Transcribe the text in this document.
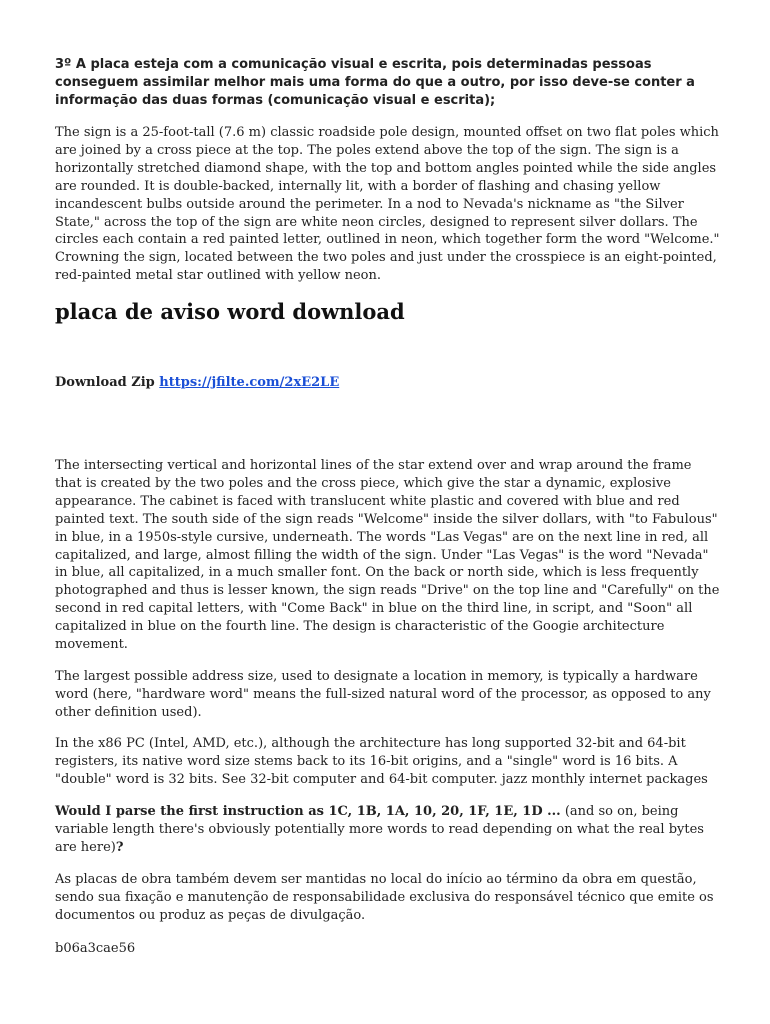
3º A placa esteja com a comunicação visual e escrita, pois determinadas pessoas conseguem assimilar melhor mais uma forma do que a outro, por isso deve-se conter a informação das duas formas (comunicação visual e escrita);

The sign is a 25-foot-tall (7.6 m) classic roadside pole design, mounted offset on two flat poles which are joined by a cross piece at the top. The poles extend above the top of the sign. The sign is a horizontally stretched diamond shape, with the top and bottom angles pointed while the side angles are rounded. It is double-backed, internally lit, with a border of flashing and chasing yellow incandescent bulbs outside around the perimeter. In a nod to Nevada's nickname as "the Silver State," across the top of the sign are white neon circles, designed to represent silver dollars. The circles each contain a red painted letter, outlined in neon, which together form the word "Welcome." Crowning the sign, located between the two poles and just under the crosspiece is an eight-pointed, red-painted metal star outlined with yellow neon.

placa de aviso word download

Download Zip https://jfilte.com/2xE2LE

The intersecting vertical and horizontal lines of the star extend over and wrap around the frame that is created by the two poles and the cross piece, which give the star a dynamic, explosive appearance. The cabinet is faced with translucent white plastic and covered with blue and red painted text. The south side of the sign reads "Welcome" inside the silver dollars, with "to Fabulous" in blue, in a 1950s-style cursive, underneath. The words "Las Vegas" are on the next line in red, all capitalized, and large, almost filling the width of the sign. Under "Las Vegas" is the word "Nevada" in blue, all capitalized, in a much smaller font. On the back or north side, which is less frequently photographed and thus is lesser known, the sign reads "Drive" on the top line and "Carefully" on the second in red capital letters, with "Come Back" in blue on the third line, in script, and "Soon" all capitalized in blue on the fourth line. The design is characteristic of the Googie architecture movement.

The largest possible address size, used to designate a location in memory, is typically a hardware word (here, "hardware word" means the full-sized natural word of the processor, as opposed to any other definition used).

In the x86 PC (Intel, AMD, etc.), although the architecture has long supported 32-bit and 64-bit registers, its native word size stems back to its 16-bit origins, and a "single" word is 16 bits. A "double" word is 32 bits. See 32-bit computer and 64-bit computer. jazz monthly internet packages

Would I parse the first instruction as 1C, 1B, 1A, 10, 20, 1F, 1E, 1D ... (and so on, being variable length there's obviously potentially more words to read depending on what the real bytes are here)?

As placas de obra também devem ser mantidas no local do início ao término da obra em questão, sendo sua fixação e manutenção de responsabilidade exclusiva do responsável técnico que emite os documentos ou produz as peças de divulgação.

b06a3cae56
